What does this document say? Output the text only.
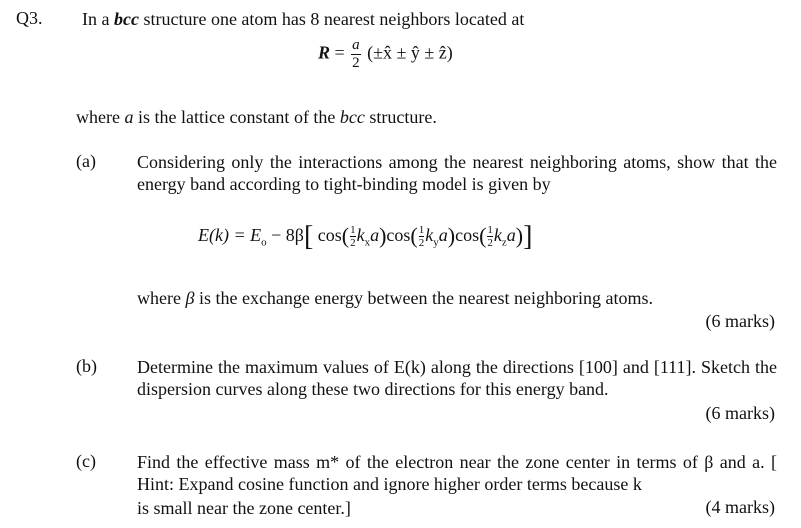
Q3. In a bcc structure one atom has 8 nearest neighbors located at
$R = \frac{a}{2}$ (±x̂ ± ŷ ± ẑ)
where a is the lattice constant of the bcc structure.
(a) Considering only the interactions among the nearest neighboring atoms, show that the energy band according to tight-binding model is given by
$E(k) = E_o - 8\beta$[ $\cos( \frac{1}{2}k_xa)\cos( \frac{1}{2}k_ya)\cos( \frac{1}{2}k_za)$]
where β is the exchange energy between the nearest neighboring atoms.
(6 marks)
(b) Determine the maximum values of E(k) along the directions [100] and [111]. Sketch the dispersion curves along these two directions for this energy band.
(6 marks)
(c) Find the effective mass m* of the electron near the zone center in terms of β and a. [ Hint: Expand cosine function and ignore higher order terms because k
is small near the zone center.]	(4 marks)
